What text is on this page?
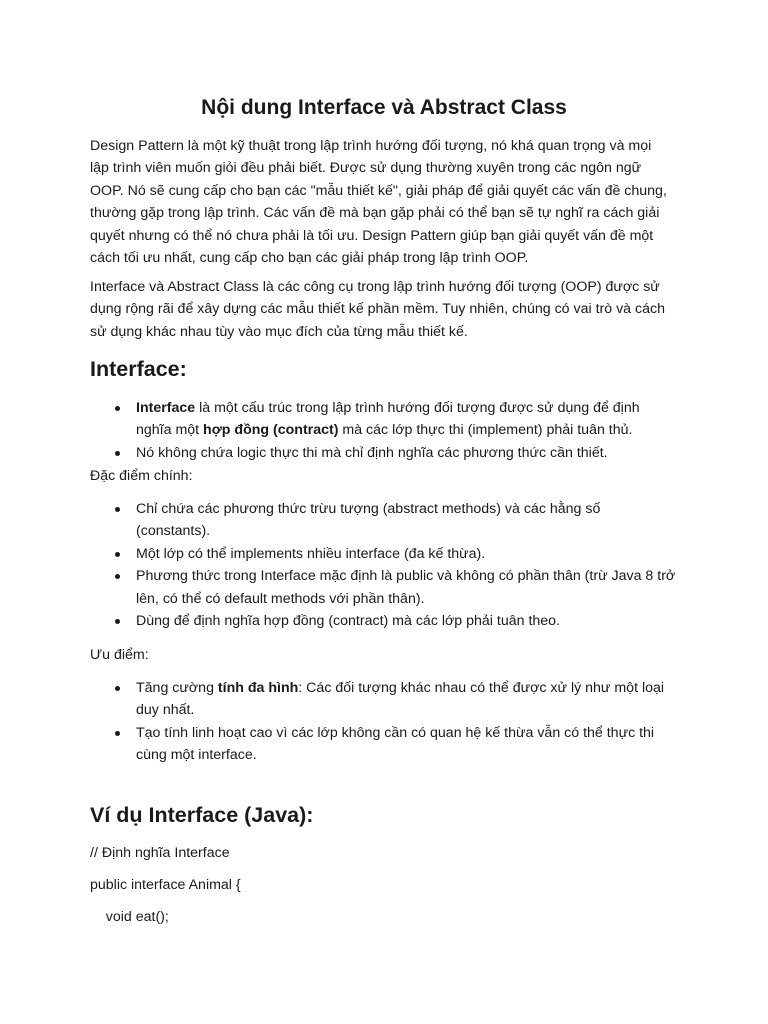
Nội dung Interface và Abstract Class
Design Pattern là một kỹ thuật trong lập trình hướng đối tượng, nó khá quan trọng và mọi
lập trình viên muốn giỏi đều phải biết. Được sử dụng thường xuyên trong các ngôn ngữ
OOP. Nó sẽ cung cấp cho bạn các "mẫu thiết kế", giải pháp để giải quyết các vấn đề chung,
thường gặp trong lập trình. Các vấn đề mà bạn gặp phải có thể bạn sẽ tự nghĩ ra cách giải
quyết nhưng có thể nó chưa phải là tối ưu. Design Pattern giúp bạn giải quyết vấn đề một
cách tối ưu nhất, cung cấp cho bạn các giải pháp trong lập trình OOP.
Interface và Abstract Class là các công cụ trong lập trình hướng đối tượng (OOP) được sử
dụng rộng rãi để xây dựng các mẫu thiết kế phần mềm. Tuy nhiên, chúng có vai trò và cách
sử dụng khác nhau tùy vào mục đích của từng mẫu thiết kế.
Interface:
Interface là một cấu trúc trong lập trình hướng đối tượng được sử dụng để định
nghĩa một hợp đồng (contract) mà các lớp thực thi (implement) phải tuân thủ.
Nó không chứa logic thực thi mà chỉ định nghĩa các phương thức cần thiết.
Đặc điểm chính:
Chỉ chứa các phương thức trừu tượng (abstract methods) và các hằng số
(constants).
Một lớp có thể implements nhiều interface (đa kế thừa).
Phương thức trong Interface mặc định là public và không có phần thân (trừ Java 8 trở
lên, có thể có default methods với phần thân).
Dùng để định nghĩa hợp đồng (contract) mà các lớp phải tuân theo.
Ưu điểm:
Tăng cường tính đa hình: Các đối tượng khác nhau có thể được xử lý như một loại
duy nhất.
Tạo tính linh hoạt cao vì các lớp không cần có quan hệ kế thừa vẫn có thể thực thi
cùng một interface.
Ví dụ Interface (Java):
// Định nghĩa Interface
public interface Animal {
void eat();
